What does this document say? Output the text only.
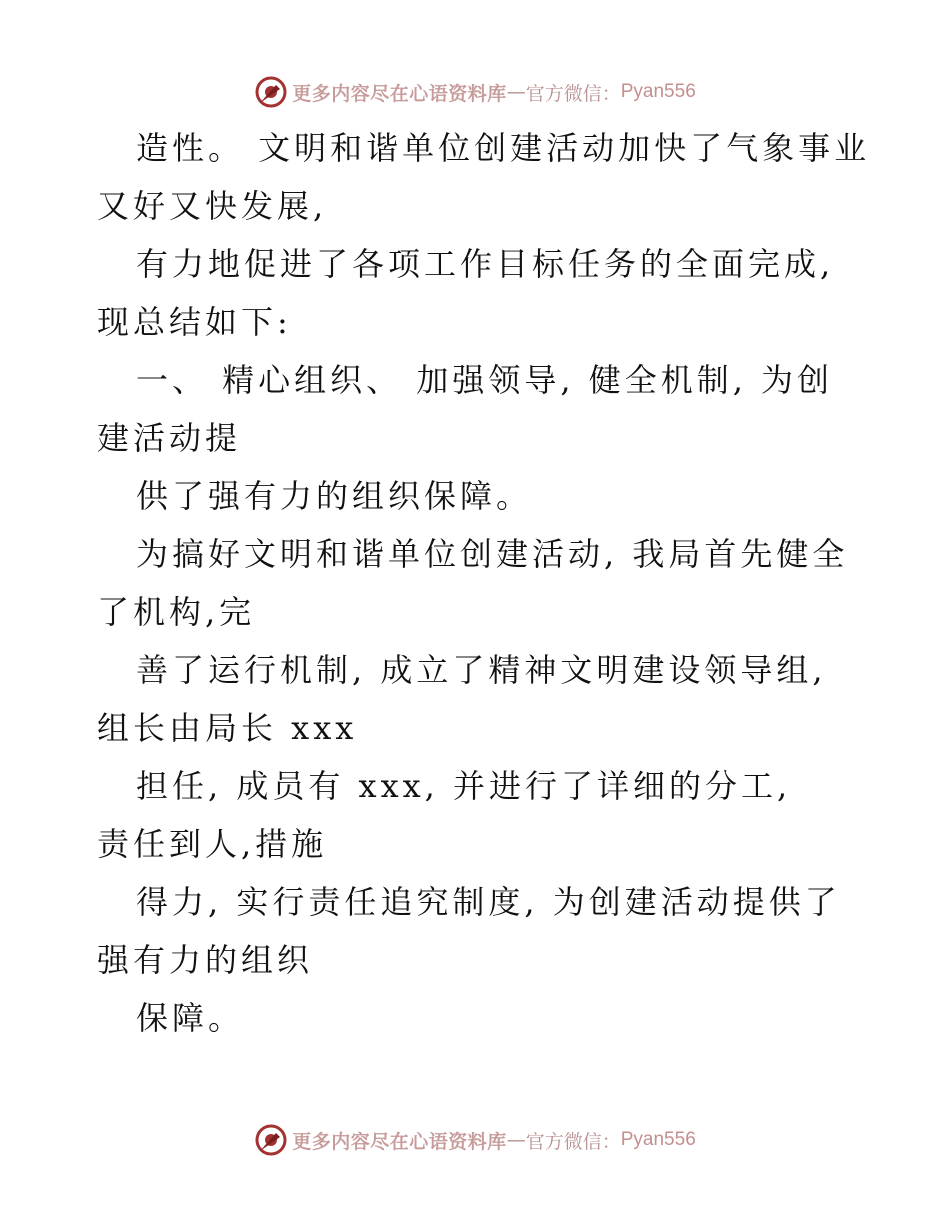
更多内容尽在心语资料库 — 官方微信： Pyan556
造性。 文明和谐单位创建活动加快了气象事业
又好又快发展,
有力地促进了各项工作目标任务的全面完成,
现总结如下:
一、 精心组织、 加强领导, 健全机制, 为创
建活动提
供了强有力的组织保障。
为搞好文明和谐单位创建活动, 我局首先健全
了机构,完
善了运行机制, 成立了精神文明建设领导组,
组长由局长 xxx
担任, 成员有 xxx, 并进行了详细的分工,
责任到人,措施
得力, 实行责任追究制度, 为创建活动提供了
强有力的组织
保障。
更多内容尽在心语资料库 — 官方微信： Pyan556
